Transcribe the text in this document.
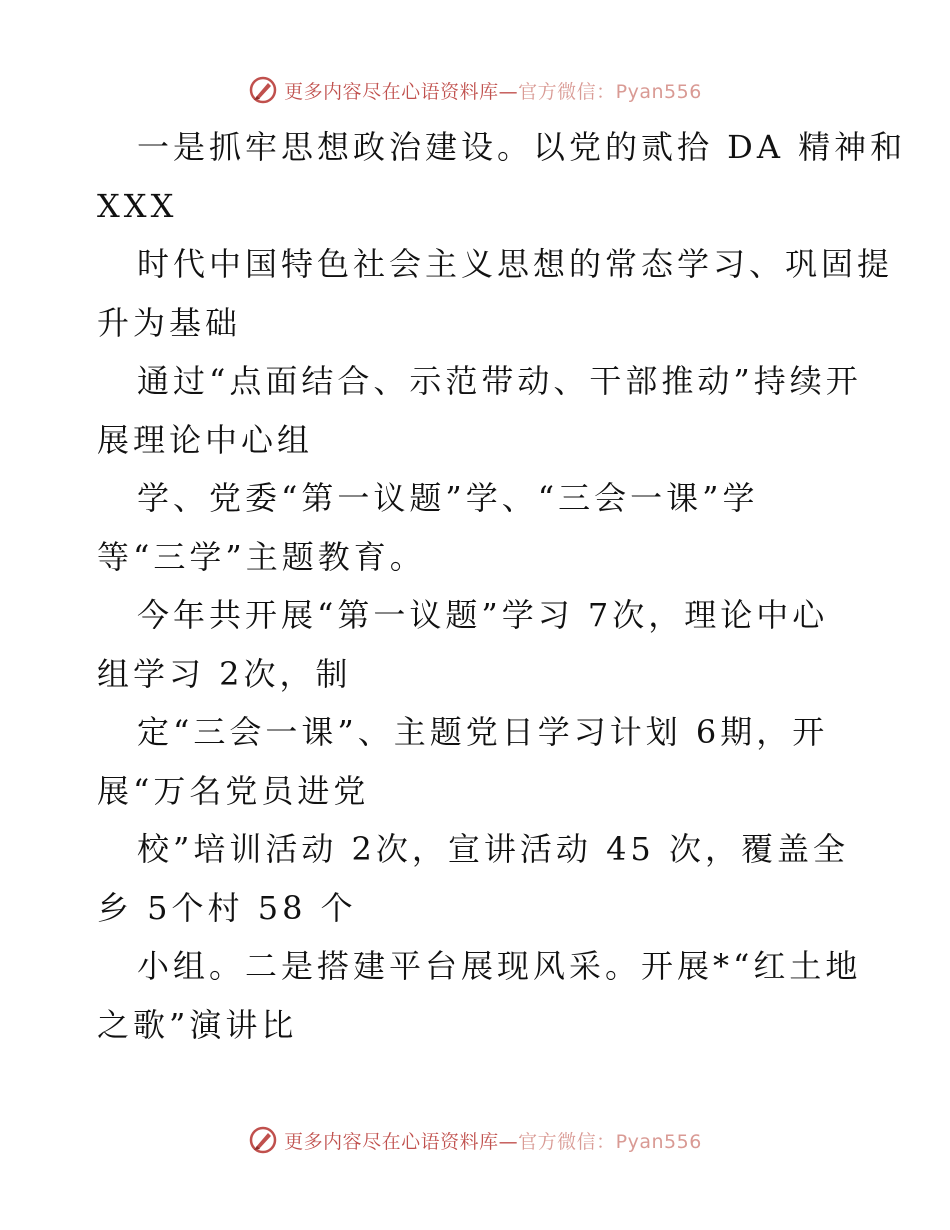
更多内容尽在心语资料库—官方微信：Pyan556
一是抓牢思想政治建设。以党的贰拾 DA 精神和
XXX
时代中国特色社会主义思想的常态学习、巩固提
升为基础
通过“点面结合、示范带动、干部推动”持续开
展理论中心组
学、党委“第一议题”学、“三会一课”学
等“三学”主题教育。
今年共开展“第一议题”学习 7次，理论中心
组学习 2次，制
定“三会一课”、主题党日学习计划 6期，开
展“万名党员进党
校”培训活动 2次，宣讲活动 45 次，覆盖全
乡 5个村 58 个
小组。二是搭建平台展现风采。开展*“红土地
之歌”演讲比
更多内容尽在心语资料库—官方微信：Pyan556
